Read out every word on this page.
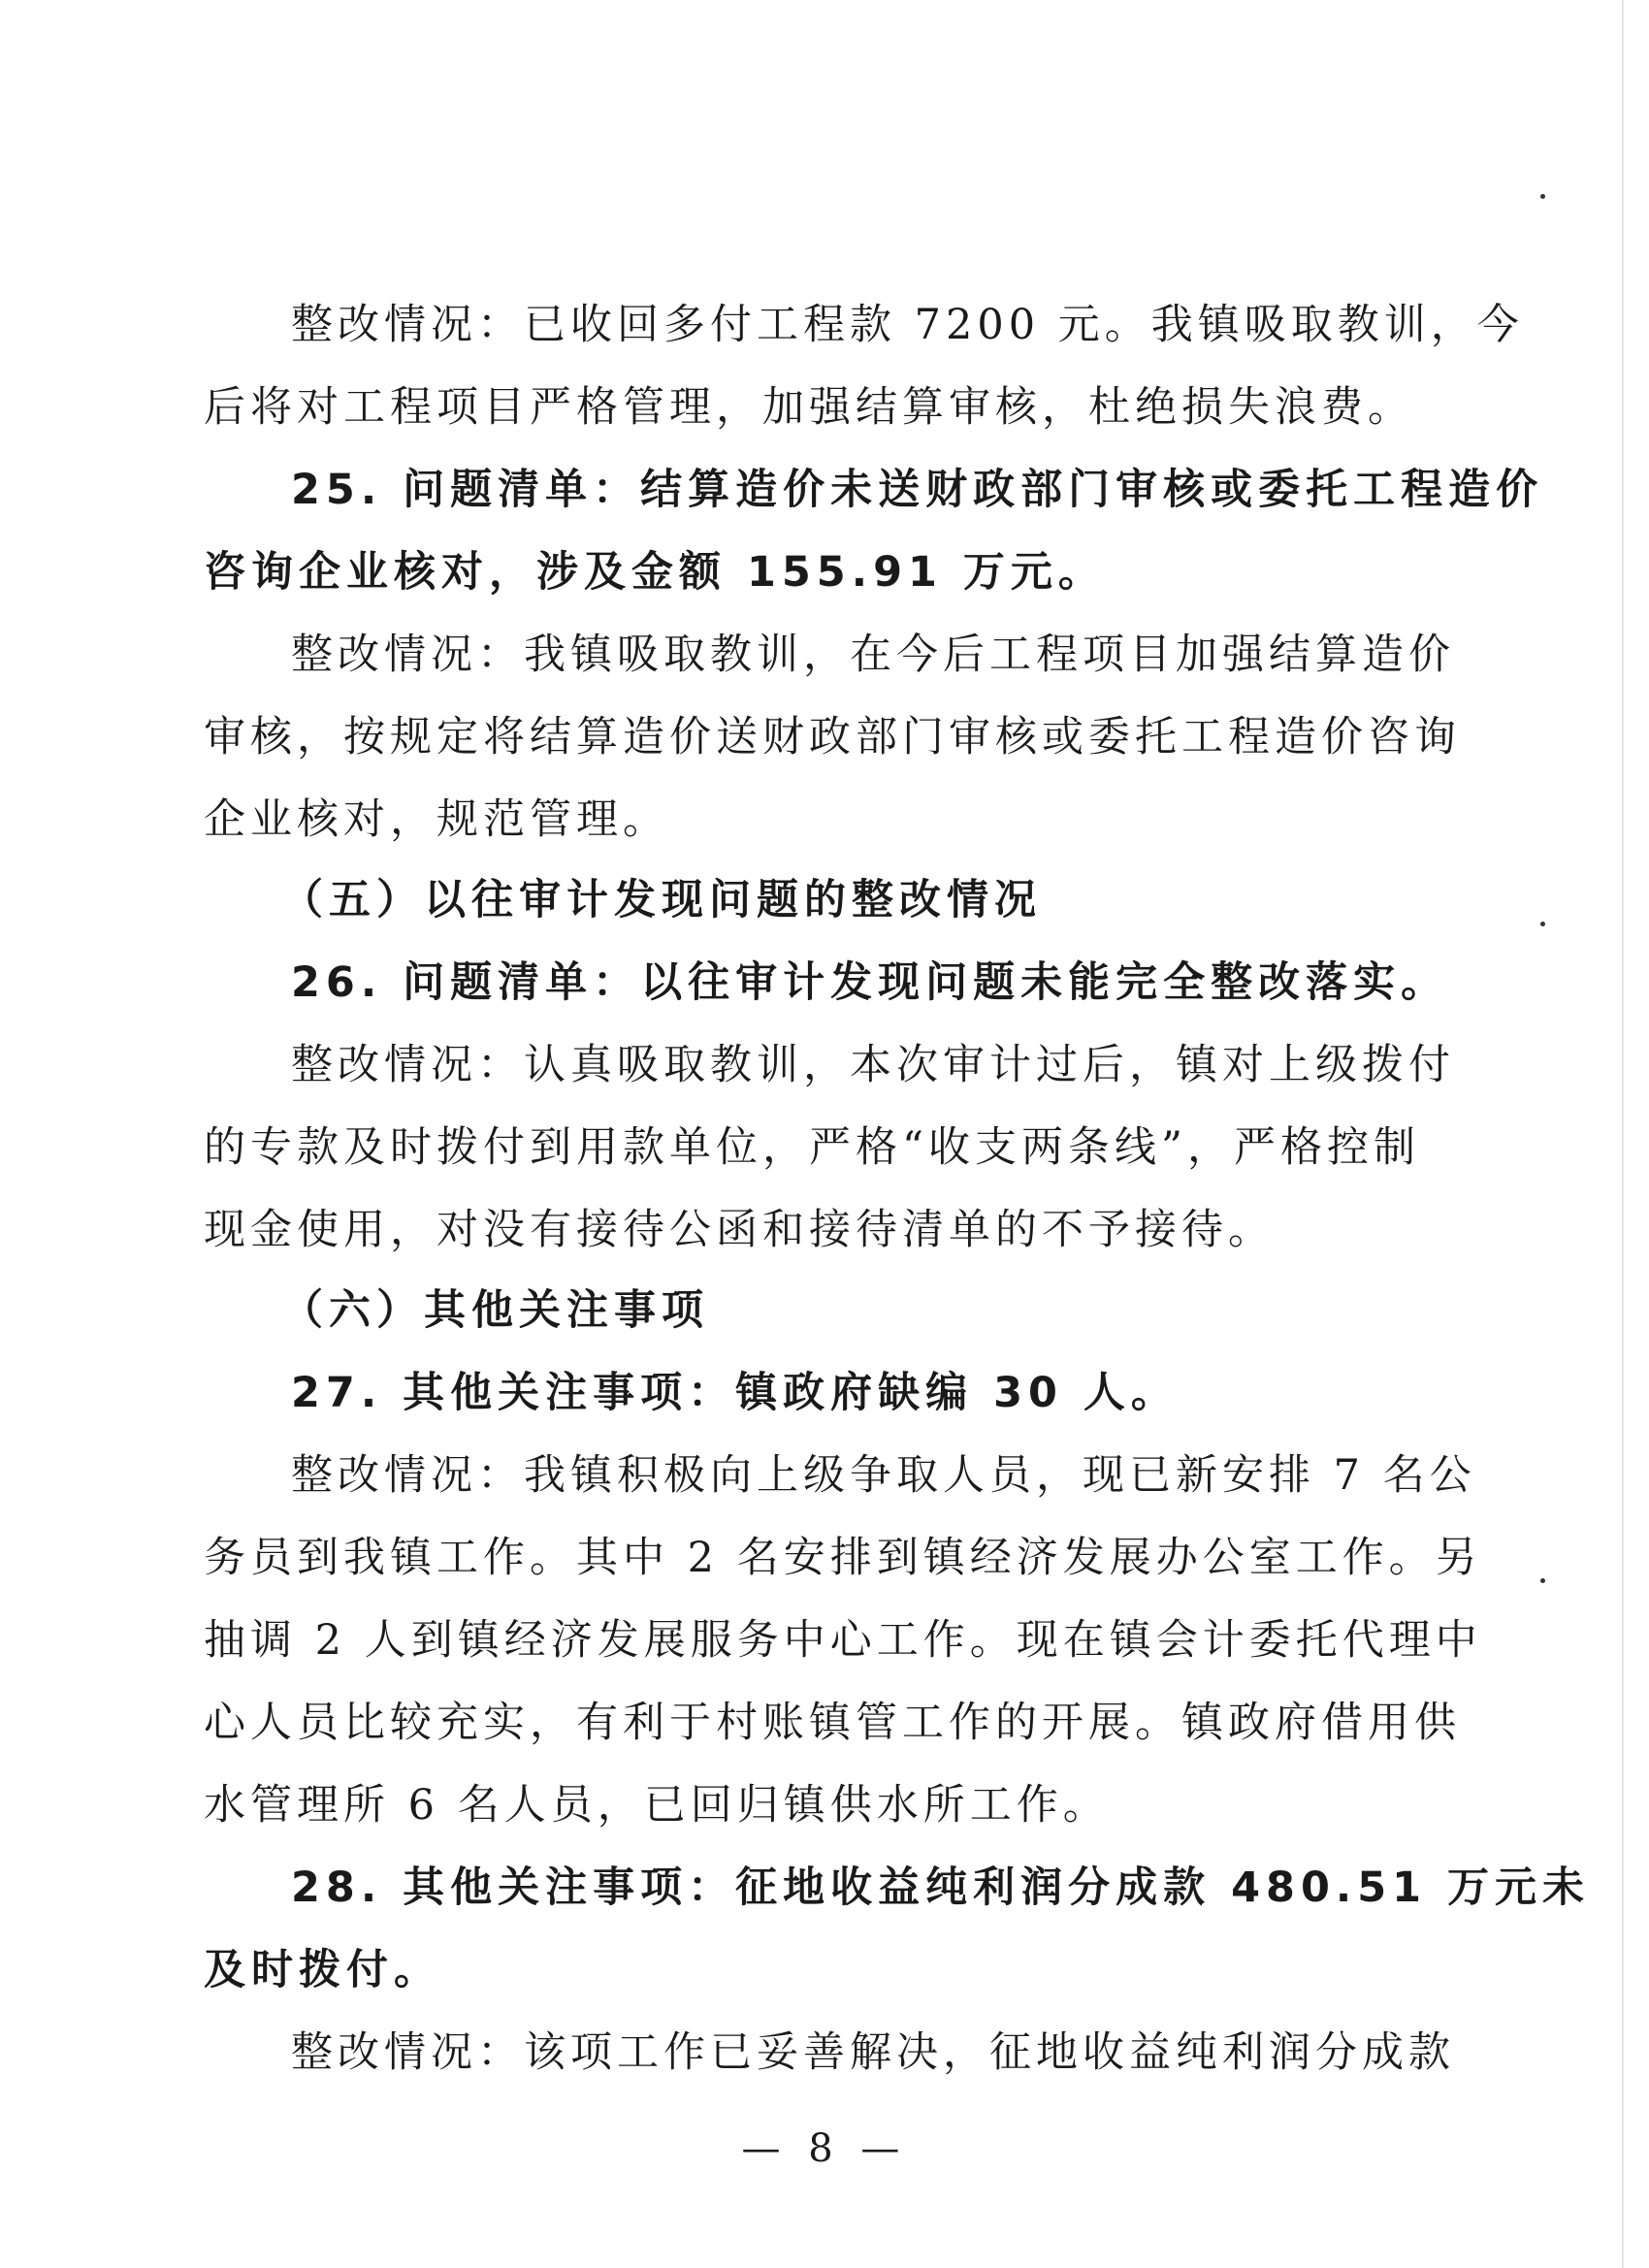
整改情况：已收回多付工程款 7200 元。我镇吸取教训，今
后将对工程项目严格管理，加强结算审核，杜绝损失浪费。
25. 问题清单：结算造价未送财政部门审核或委托工程造价
咨询企业核对，涉及金额 155.91 万元。
整改情况：我镇吸取教训，在今后工程项目加强结算造价
审核，按规定将结算造价送财政部门审核或委托工程造价咨询
企业核对，规范管理。
（五）以往审计发现问题的整改情况
26. 问题清单：以往审计发现问题未能完全整改落实。
整改情况：认真吸取教训，本次审计过后，镇对上级拨付
的专款及时拨付到用款单位，严格“收支两条线”，严格控制
现金使用，对没有接待公函和接待清单的不予接待。
（六）其他关注事项
27. 其他关注事项：镇政府缺编 30 人。
整改情况：我镇积极向上级争取人员，现已新安排 7 名公
务员到我镇工作。其中 2 名安排到镇经济发展办公室工作。另
抽调 2 人到镇经济发展服务中心工作。现在镇会计委托代理中
心人员比较充实，有利于村账镇管工作的开展。镇政府借用供
水管理所 6 名人员，已回归镇供水所工作。
28. 其他关注事项：征地收益纯利润分成款 480.51 万元未
及时拨付。
整改情况：该项工作已妥善解决，征地收益纯利润分成款
— 8 —
